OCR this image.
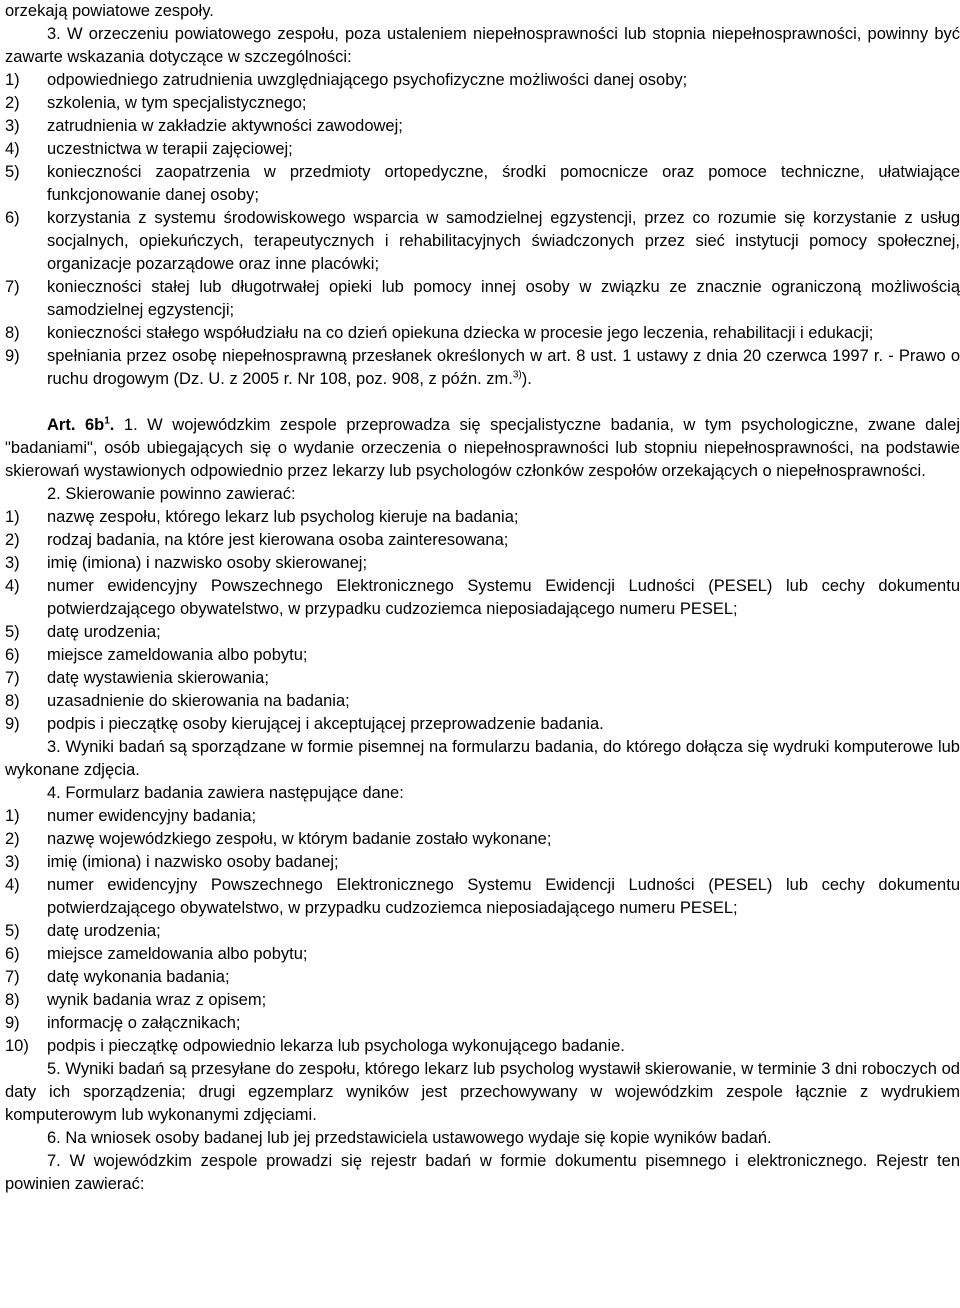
orzekają powiatowe zespoły.

3. W orzeczeniu powiatowego zespołu, poza ustaleniem niepełnosprawności lub stopnia niepełnosprawności, powinny być zawarte wskazania dotyczące w szczególności:

1)	odpowiedniego zatrudnienia uwzględniającego psychofizyczne możliwości danej osoby;
2)	szkolenia, w tym specjalistycznego;
3)	zatrudnienia w zakładzie aktywności zawodowej;
4)	uczestnictwa w terapii zajęciowej;
5)	konieczności zaopatrzenia w przedmioty ortopedyczne, środki pomocnicze oraz pomoce techniczne, ułatwiające funkcjonowanie danej osoby;
6)	korzystania z systemu środowiskowego wsparcia w samodzielnej egzystencji, przez co rozumie się korzystanie z usług socjalnych, opiekuńczych, terapeutycznych i rehabilitacyjnych świadczonych przez sieć instytucji pomocy społecznej, organizacje pozarządowe oraz inne placówki;
7)	konieczności stałej lub długotrwałej opieki lub pomocy innej osoby w związku ze znacznie ograniczoną możliwością samodzielnej egzystencji;
8)	konieczności stałego współudziału na co dzień opiekuna dziecka w procesie jego leczenia, rehabilitacji i edukacji;
9)	spełniania przez osobę niepełnosprawną przesłanek określonych w art. 8 ust. 1 ustawy z dnia 20 czerwca 1997 r. - Prawo o ruchu drogowym (Dz. U. z 2005 r. Nr 108, poz. 908, z późn. zm.$^{3)}$).

Art. $6b^1$. 1. W wojewódzkim zespole przeprowadza się specjalistyczne badania, w tym psychologiczne, zwane dalej "badaniami", osób ubiegających się o wydanie orzeczenia o niepełnosprawności lub stopniu niepełnosprawności, na podstawie skierowań wystawionych odpowiednio przez lekarzy lub psychologów członków zespołów orzekających o niepełnosprawności.

2. Skierowanie powinno zawierać:

1)	nazwę zespołu, którego lekarz lub psycholog kieruje na badania;
2)	rodzaj badania, na które jest kierowana osoba zainteresowana;
3)	imię (imiona) i nazwisko osoby skierowanej;
4)	numer ewidencyjny Powszechnego Elektronicznego Systemu Ewidencji Ludności (PESEL) lub cechy dokumentu potwierdzającego obywatelstwo, w przypadku cudzoziemca nieposiadającego numeru PESEL;
5)	datę urodzenia;
6)	miejsce zameldowania albo pobytu;
7)	datę wystawienia skierowania;
8)	uzasadnienie do skierowania na badania;
9)	podpis i pieczątkę osoby kierującej i akceptującej przeprowadzenie badania.

3. Wyniki badań są sporządzane w formie pisemnej na formularzu badania, do którego dołącza się wydruki komputerowe lub wykonane zdjęcia.

4. Formularz badania zawiera następujące dane:

1)	numer ewidencyjny badania;
2)	nazwę wojewódzkiego zespołu, w którym badanie zostało wykonane;
3)	imię (imiona) i nazwisko osoby badanej;
4)	numer ewidencyjny Powszechnego Elektronicznego Systemu Ewidencji Ludności (PESEL) lub cechy dokumentu potwierdzającego obywatelstwo, w przypadku cudzoziemca nieposiadającego numeru PESEL;
5)	datę urodzenia;
6)	miejsce zameldowania albo pobytu;
7)	datę wykonania badania;
8)	wynik badania wraz z opisem;
9)	informację o załącznikach;
10)	podpis i pieczątkę odpowiednio lekarza lub psychologa wykonującego badanie.

5. Wyniki badań są przesyłane do zespołu, którego lekarz lub psycholog wystawił skierowanie, w terminie 3 dni roboczych od daty ich sporządzenia; drugi egzemplarz wyników jest przechowywany w wojewódzkim zespole łącznie z wydrukiem komputerowym lub wykonanymi zdjęciami.

6. Na wniosek osoby badanej lub jej przedstawiciela ustawowego wydaje się kopie wyników badań.

7. W wojewódzkim zespole prowadzi się rejestr badań w formie dokumentu pisemnego i elektronicznego. Rejestr ten powinien zawierać:
